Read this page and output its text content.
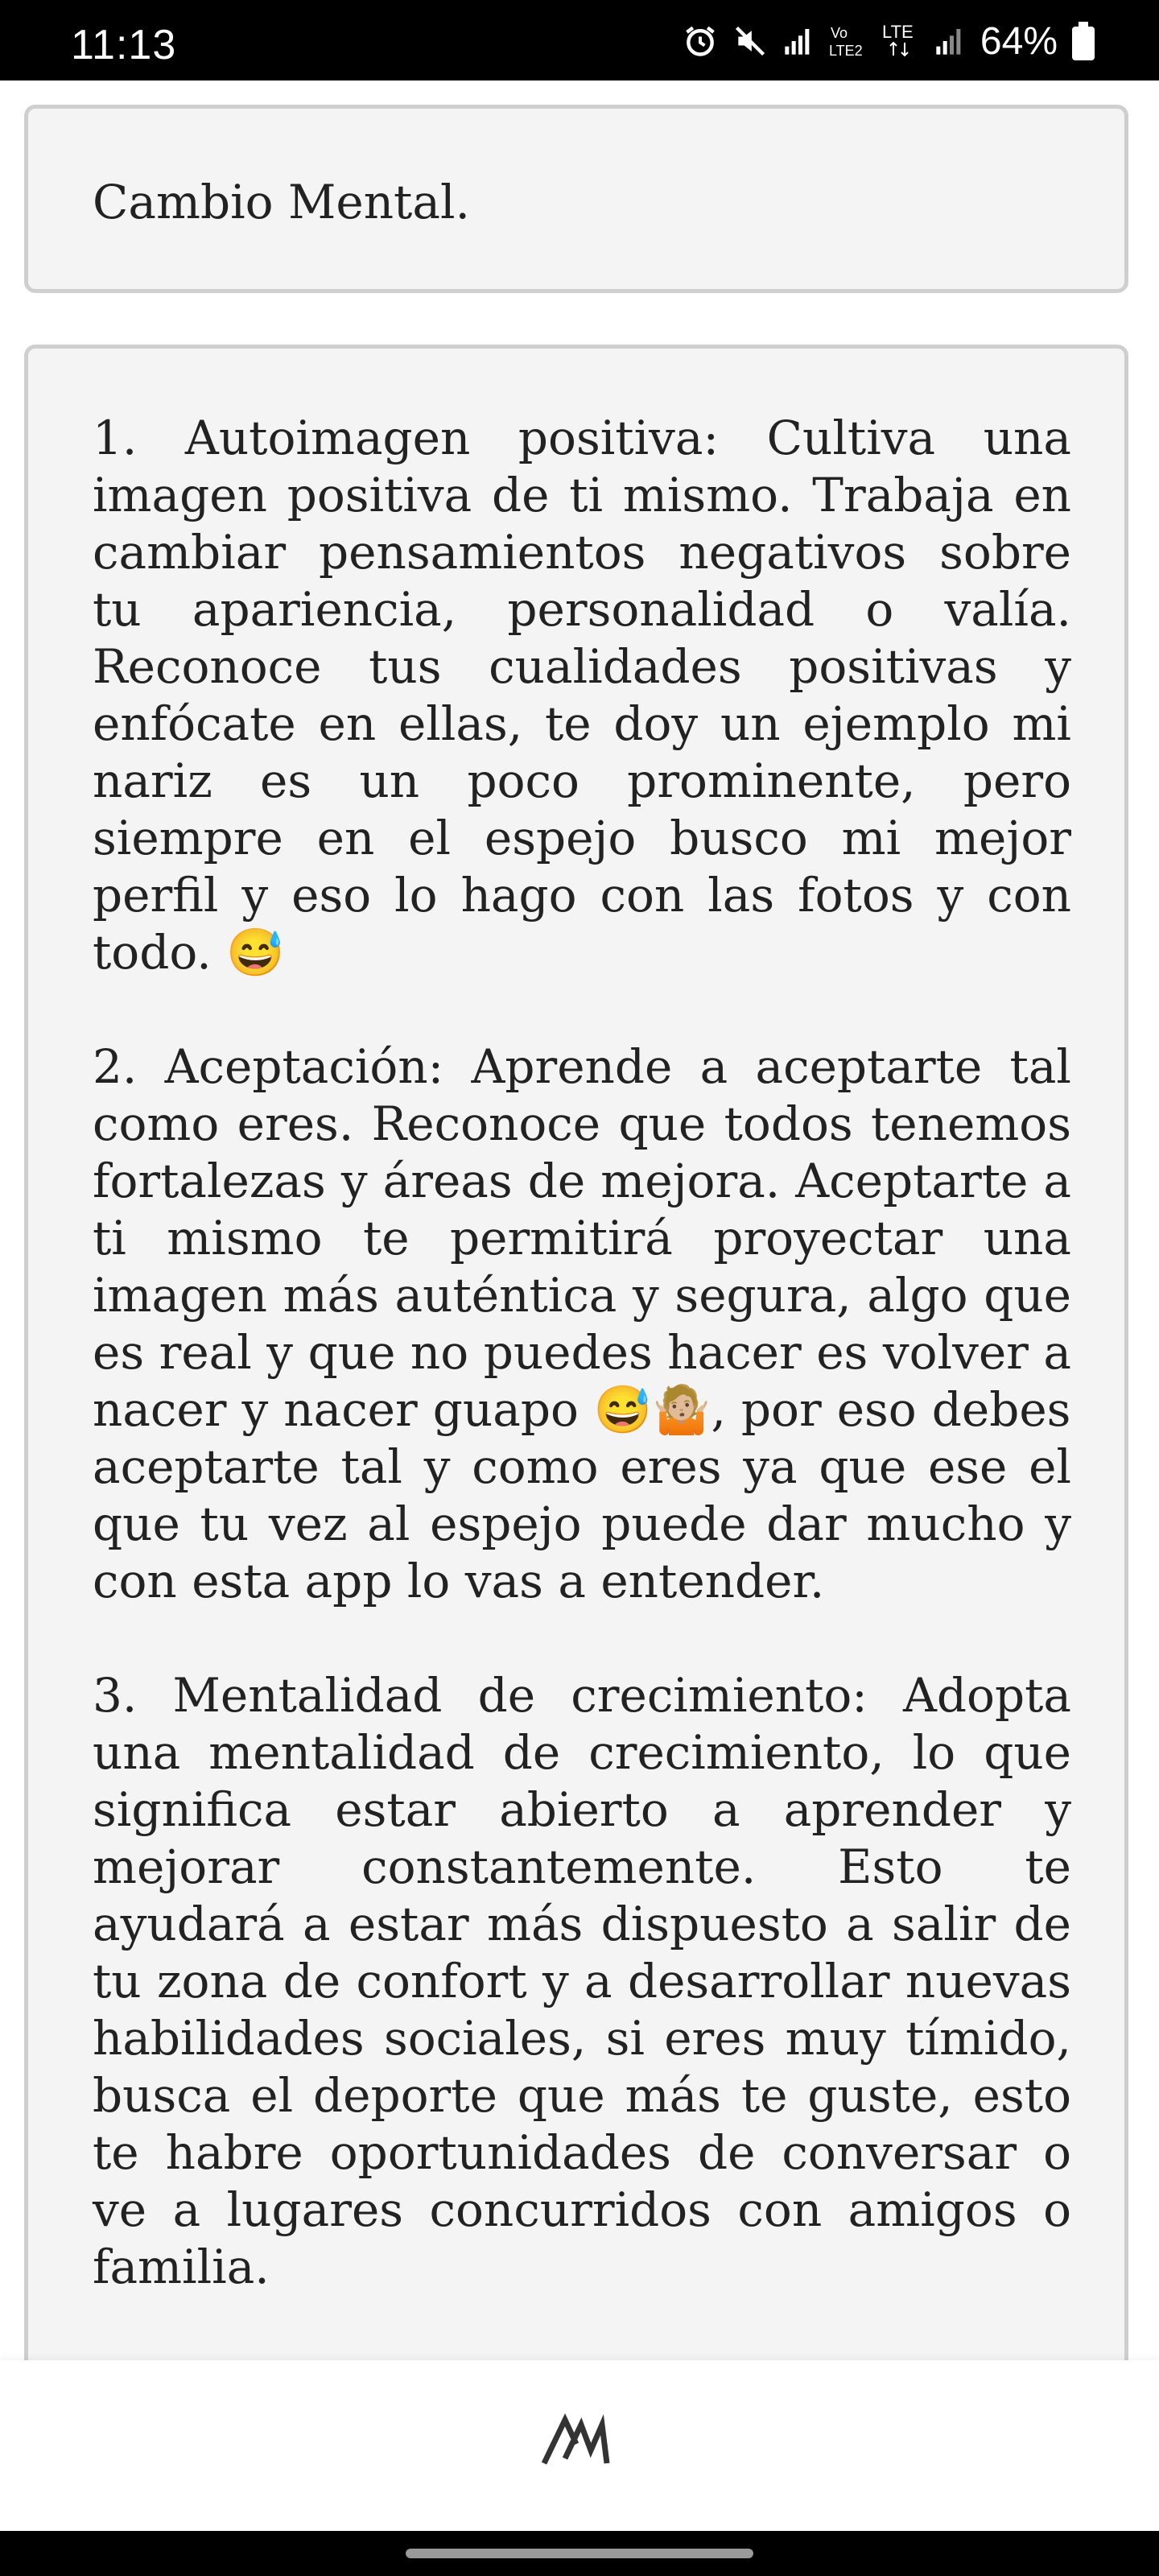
11:13	Vo
LTE2
LTE 64%
Cambio Mental.

1. Autoimagen positiva: Cultiva una imagen positiva de ti mismo. Trabaja en cambiar pensamientos negativos sobre tu apariencia, personalidad o valía. Reconoce tus cualidades positivas y enfócate en ellas, te doy un ejemplo mi nariz es un poco prominente, pero siempre en el espejo busco mi mejor perfil y eso lo hago con las fotos y con todo. 😅

2. Aceptación: Aprende a aceptarte tal como eres. Reconoce que todos tenemos fortalezas y áreas de mejora. Aceptarte a ti mismo te permitirá proyectar una imagen más auténtica y segura, algo que es real y que no puedes hacer es volver a nacer y nacer guapo 😅🤷🏼, por eso debes aceptarte tal y como eres ya que ese el que tu vez al espejo puede dar mucho y con esta app lo vas a entender.

3. Mentalidad de crecimiento: Adopta una mentalidad de crecimiento, lo que significa estar abierto a aprender y mejorar constantemente. Esto te ayudará a estar más dispuesto a salir de tu zona de confort y a desarrollar nuevas habilidades sociales, si eres muy tímido, busca el deporte que más te guste, esto te habre oportunidades de conversar o ve a lugares concurridos con amigos o familia.
